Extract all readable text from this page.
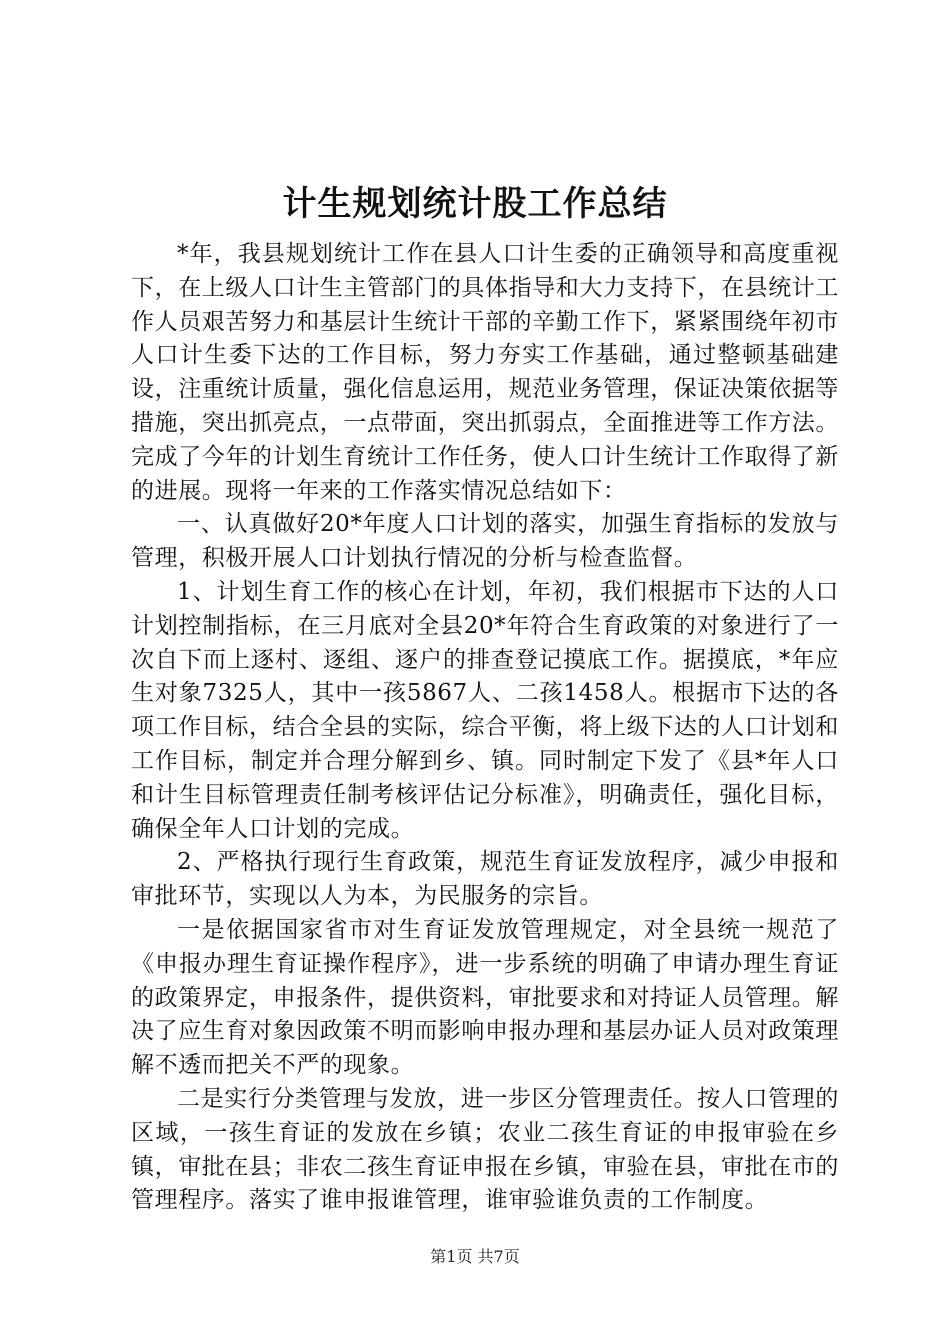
计生规划统计股工作总结

*年，我县规划统计工作在县人口计生委的正确领导和高度重视下，在上级人口计生主管部门的具体指导和大力支持下，在县统计工作人员艰苦努力和基层计生统计干部的辛勤工作下，紧紧围绕年初市人口计生委下达的工作目标，努力夯实工作基础，通过整顿基础建设，注重统计质量，强化信息运用，规范业务管理，保证决策依据等措施，突出抓亮点，一点带面，突出抓弱点，全面推进等工作方法。完成了今年的计划生育统计工作任务，使人口计生统计工作取得了新的进展。现将一年来的工作落实情况总结如下：

一、认真做好20*年度人口计划的落实，加强生育指标的发放与管理，积极开展人口计划执行情况的分析与检查监督。

1、计划生育工作的核心在计划，年初，我们根据市下达的人口计划控制指标，在三月底对全县20*年符合生育政策的对象进行了一次自下而上逐村、逐组、逐户的排查登记摸底工作。据摸底，*年应生对象7325人，其中一孩5867人、二孩1458人。根据市下达的各项工作目标，结合全县的实际，综合平衡，将上级下达的人口计划和工作目标，制定并合理分解到乡、镇。同时制定下发了《县*年人口和计生目标管理责任制考核评估记分标准》，明确责任，强化目标，确保全年人口计划的完成。

2、严格执行现行生育政策，规范生育证发放程序，减少申报和审批环节，实现以人为本，为民服务的宗旨。

一是依据国家省市对生育证发放管理规定，对全县统一规范了《申报办理生育证操作程序》，进一步系统的明确了申请办理生育证的政策界定，申报条件，提供资料，审批要求和对持证人员管理。解决了应生育对象因政策不明而影响申报办理和基层办证人员对政策理解不透而把关不严的现象。

二是实行分类管理与发放，进一步区分管理责任。按人口管理的区域，一孩生育证的发放在乡镇；农业二孩生育证的申报审验在乡镇，审批在县；非农二孩生育证申报在乡镇，审验在县，审批在市的管理程序。落实了谁申报谁管理，谁审验谁负责的工作制度。

第1页 共7页
